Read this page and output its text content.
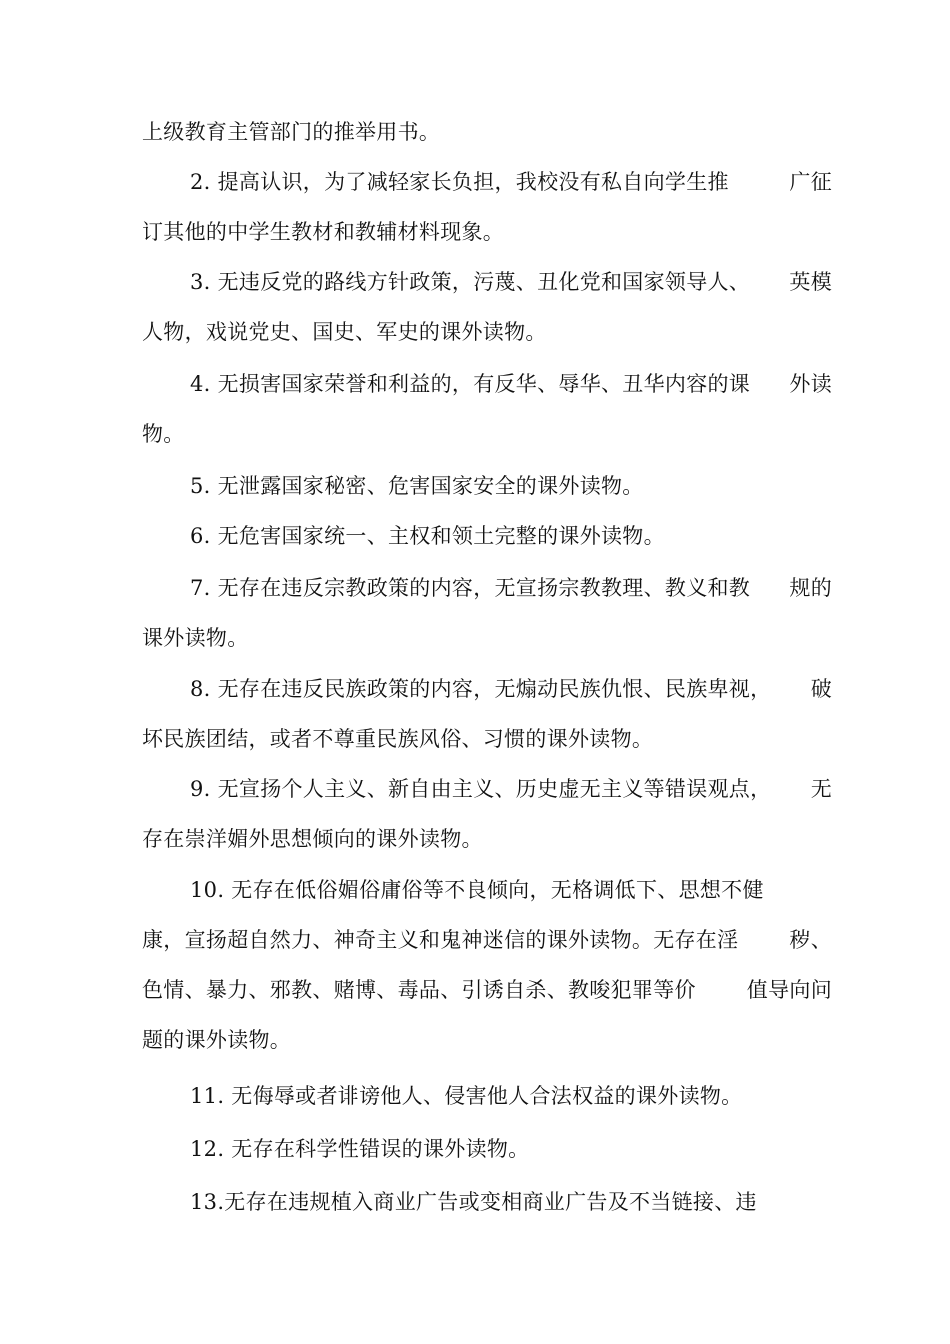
上级教育主管部门的推举用书。
2. 提高认识，为了减轻家长负担，我校没有私自向学生推	广征
订其他的中学生教材和教辅材料现象。
3. 无违反党的路线方针政策，污蔑、丑化党和国家领导人、 英模
人物，戏说党史、国史、军史的课外读物。
4. 无损害国家荣誉和利益的，有反华、辱华、丑华内容的课 外读
物。
5. 无泄露国家秘密、危害国家安全的课外读物。
6. 无危害国家统一、主权和领土完整的课外读物。
7. 无存在违反宗教政策的内容，无宣扬宗教教理、教义和教 规的
课外读物。
8. 无存在违反民族政策的内容，无煽动民族仇恨、民族卑视， 破
坏民族团结，或者不尊重民族风俗、习惯的课外读物。
9. 无宣扬个人主义、新自由主义、历史虚无主义等错误观点， 无
存在崇洋媚外思想倾向的课外读物。
10. 无存在低俗媚俗庸俗等不良倾向，无格调低下、思想不健
康，宣扬超自然力、神奇主义和鬼神迷信的课外读物。无存在淫 秽、
色情、暴力、邪教、赌博、毒品、引诱自杀、教唆犯罪等价 值导向问
题的课外读物。
11. 无侮辱或者诽谤他人、侵害他人合法权益的课外读物。
12. 无存在科学性错误的课外读物。
13.无存在违规植入商业广告或变相商业广告及不当链接、违
